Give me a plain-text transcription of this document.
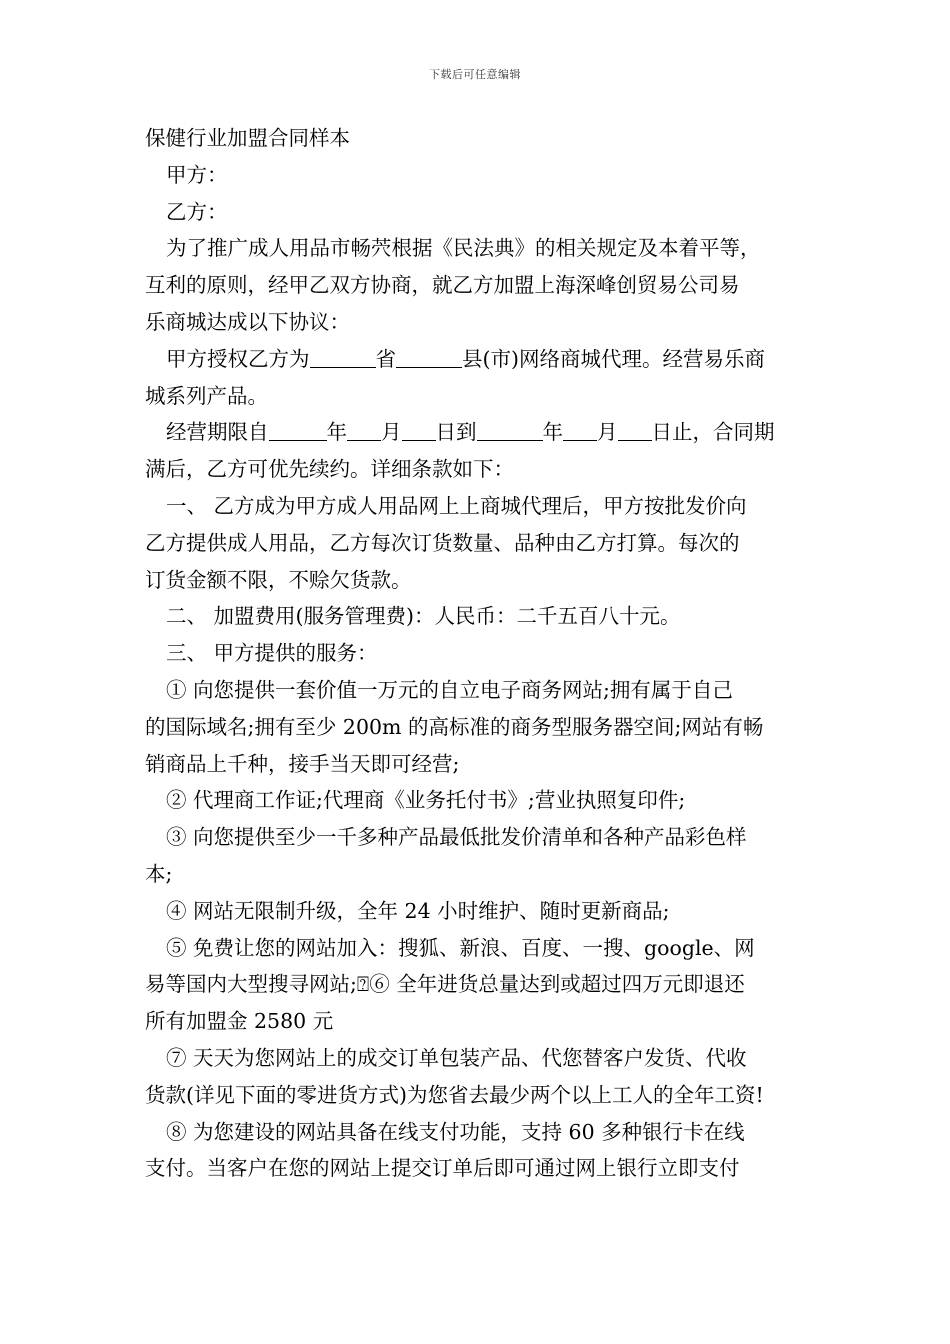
下载后可任意编辑
保健行业加盟合同样本
甲方：
乙方：
为了推广成人用品市畅茓根据《民法典》的相关规定及本着平等，
互利的原则，经甲乙双方协商，就乙方加盟上海深峰创贸易公司易
乐商城达成以下协议：
甲方授权乙方为	省	县(市)网络商城代理。经营易乐商
城系列产品。
经营期限自	年 月 日到	年 月 日止，合同期
满后，乙方可优先续约。详细条款如下：
一、 乙方成为甲方成人用品网上上商城代理后，甲方按批发价向
乙方提供成人用品，乙方每次订货数量、品种由乙方打算。每次的
订货金额不限，不赊欠货款。
二、 加盟费用(服务管理费)：人民币：二千五百八十元。
三、 甲方提供的服务：
① 向您提供一套价值一万元的自立电子商务网站;拥有属于自己
的国际域名;拥有至少 200m 的高标准的商务型服务器空间;网站有畅
销商品上千种，接手当天即可经营;
② 代理商工作证;代理商《业务托付书》;营业执照复印件;
③ 向您提供至少一千多种产品最低批发价清单和各种产品彩色样
本;
④ 网站无限制升级，全年 24 小时维护、随时更新商品;
⑤ 免费让您的网站加入：搜狐、新浪、百度、一搜、google、网
易等国内大型搜寻网站;⍰⑥ 全年进货总量达到或超过四万元即退还
所有加盟金 2580 元
⑦ 天天为您网站上的成交订单包装产品、代您替客户发货、代收
货款(详见下面的零进货方式)为您省去最少两个以上工人的全年工资!
⑧ 为您建设的网站具备在线支付功能，支持 60 多种银行卡在线
支付。当客户在您的网站上提交订单后即可通过网上银行立即支付
